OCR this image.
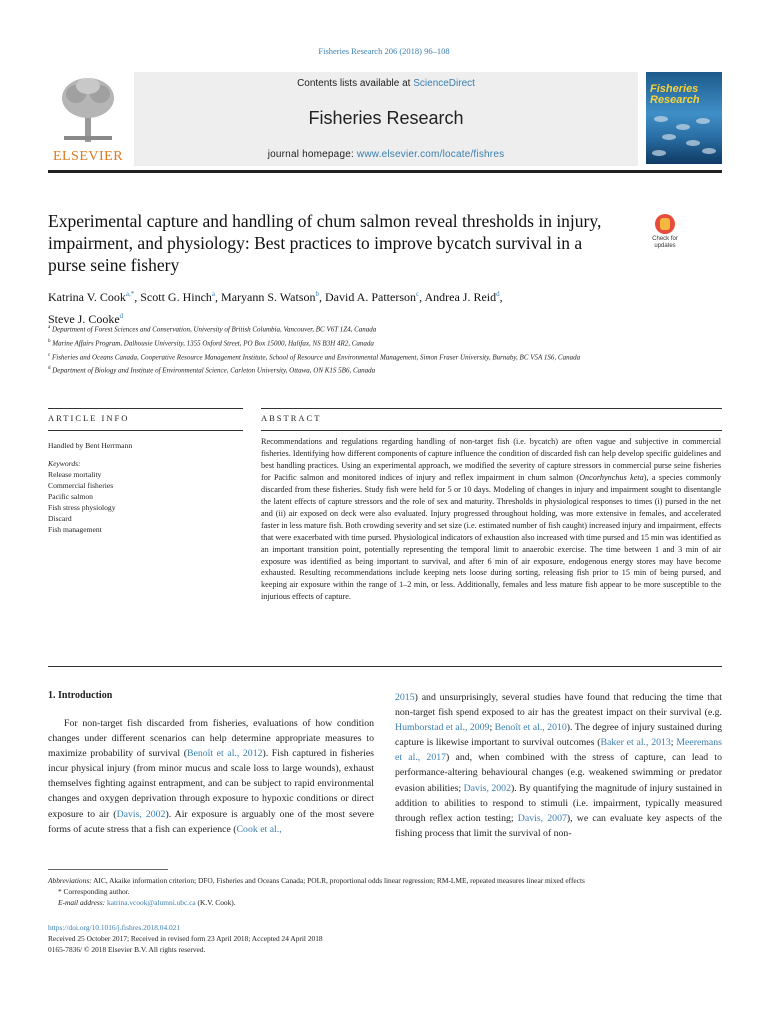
Fisheries Research 206 (2018) 96–108
ELSEVIER
Contents lists available at ScienceDirect
Fisheries Research
journal homepage: www.elsevier.com/locate/fishres
Fisheries
Research
Experimental capture and handling of chum salmon reveal thresholds in injury, impairment, and physiology: Best practices to improve bycatch survival in a purse seine fishery
Check for
updates
Katrina V. Cook$^{a,*}$, Scott G. Hinch$^a$, Maryann S. Watson$^b$, David A. Patterson$^c$, Andrea J. Reid$^d$,
Steve J. Cooke$^d$
$^a$ Department of Forest Sciences and Conservation, University of British Columbia, Vancouver, BC V6T 1Z4, Canada
$^b$ Marine Affairs Program, Dalhousie University, 1355 Oxford Street, PO Box 15000, Halifax, NS B3H 4R2, Canada
$^c$ Fisheries and Oceans Canada, Cooperative Resource Management Institute, School of Resource and Environmental Management, Simon Fraser University, Burnaby, BC V5A 1S6, Canada
$^d$ Department of Biology and Institute of Environmental Science, Carleton University, Ottawa, ON K1S 5B6, Canada
ARTICLE INFO	ABSTRACT
Handled by Bent Herrmann
Keywords:
Release mortality
Commercial fisheries
Pacific salmon
Fish stress physiology
Discard
Fish management
Recommendations and regulations regarding handling of non-target fish (i.e. bycatch) are often vague and subjective in commercial fisheries. Identifying how different components of capture influence the condition of discarded fish can help develop specific guidelines and best handling practices. Using an experimental approach, we modified the severity of capture stressors in commercial purse seine fisheries for Pacific salmon and monitored indices of injury and reflex impairment in chum salmon (Oncorhynchus keta), a species commonly discarded from these fisheries. Study fish were held for 5 or 10 days. Modeling of changes in injury and impairment sought to disentangle the latent effects of capture stressors and the role of sex and maturity. Thresholds in physiological responses to times (i) pursed in the net and (ii) air exposed on deck were also evaluated. Injury progressed throughout holding, was more extensive in females, and accelerated faster in less mature fish. Both crowding severity and set size (i.e. estimated number of fish caught) increased injury and impairment, effects that were exacerbated with time pursed. Physiological indicators of exhaustion also increased with time pursed and 15 min was identified as an important transition point, potentially representing the temporal limit to anaerobic exercise. The time between 1 and 3 min of air exposure was identified as being important to survival, and after 6 min of air exposure, endogenous energy stores may have become exhausted. Resulting recommendations include keeping nets loose during sorting, releasing fish prior to 15 min of being pursed, and keeping air exposure within the range of 1–2 min, or less. Additionally, females and less mature fish appear to be more susceptible to the injurious effects of capture.
1. Introduction
For non-target fish discarded from fisheries, evaluations of how condition changes under different scenarios can help determine appropriate measures to maximize probability of survival (Benoît et al., 2012). Fish captured in fisheries incur physical injury (from minor mucus and scale loss to large wounds), exhaust themselves fighting against entrapment, and can be subject to rapid environmental changes and oxygen deprivation through exposure to hypoxic conditions or direct exposure to air (Davis, 2002). Air exposure is arguably one of the most severe forms of acute stress that a fish can experience (Cook et al.,
2015) and unsurprisingly, several studies have found that reducing the time that non-target fish spend exposed to air has the greatest impact on their survival (e.g. Humborstad et al., 2009; Benoît et al., 2010). The degree of injury sustained during capture is likewise important to survival outcomes (Baker et al., 2013; Meeremans et al., 2017) and, when combined with the stress of capture, can lead to performance-altering behavioural changes (e.g. weakened swimming or predator evasion abilities; Davis, 2002). By quantifying the magnitude of injury sustained in addition to abilities to respond to stimuli (i.e. impairment, typically measured through reflex action testing; Davis, 2007), we can evaluate key aspects of the fishing process that limit the survival of non-
Abbreviations: AIC, Akaike information criterion; DFO, Fisheries and Oceans Canada; POLR, proportional odds linear regression; RM-LME, repeated measures linear mixed effects
* Corresponding author.
E-mail address: katrina.vcook@alumni.ubc.ca (K.V. Cook).
https://doi.org/10.1016/j.fishres.2018.04.021
Received 25 October 2017; Received in revised form 23 April 2018; Accepted 24 April 2018
0165-7836/ © 2018 Elsevier B.V. All rights reserved.
